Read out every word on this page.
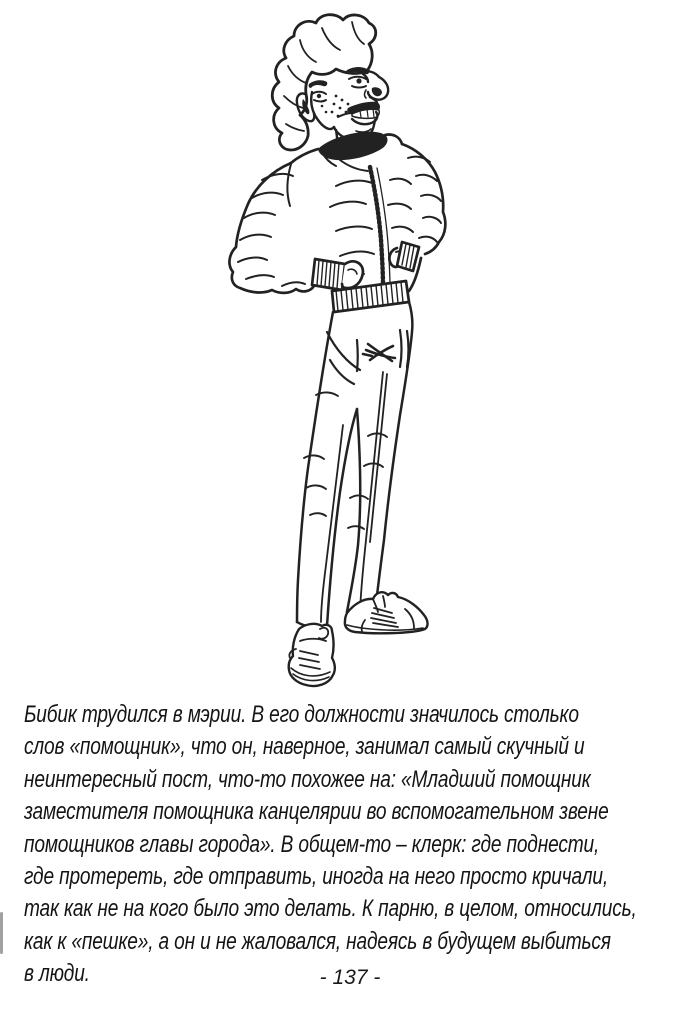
Бибик трудился в мэрии. В его должности значилось столько
слов «помощник», что он, наверное, занимал самый скучный и
неинтересный пост, что-то похожее на: «Младший помощник
заместителя помощника канцелярии во вспомогательном звене
помощников главы города». В общем-то – клерк: где поднести,
где протереть, где отправить, иногда на него просто кричали,
так как не на кого было это делать. К парню, в целом, относились,
как к «пешке», а он и не жаловался, надеясь в будущем выбиться
в люди.	- 137 -
